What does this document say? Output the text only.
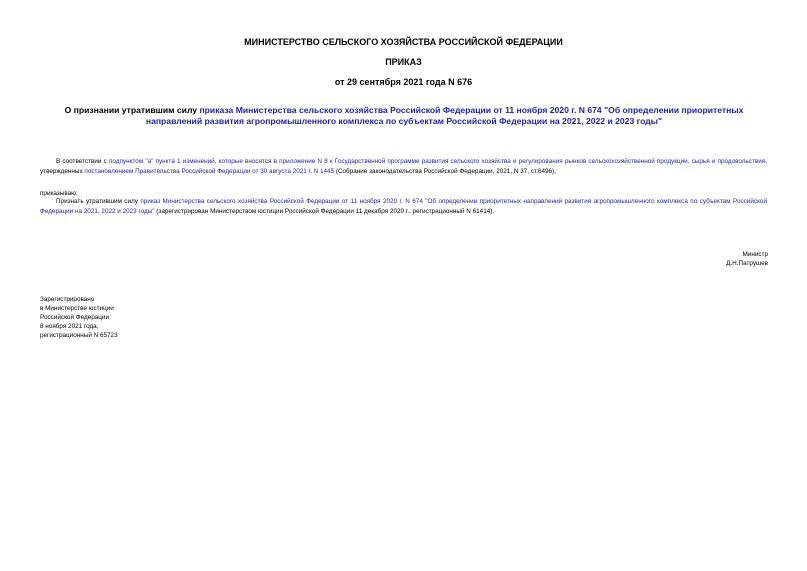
МИНИСТЕРСТВО СЕЛЬСКОГО ХОЗЯЙСТВА РОССИЙСКОЙ ФЕДЕРАЦИИ

ПРИКАЗ

от 29 сентября 2021 года N 676

О признании утратившим силу приказа Министерства сельского хозяйства Российской Федерации от 11 ноября 2020 г. N 674 "Об определении приоритетных направлений развития агропромышленного комплекса по субъектам Российской Федерации на 2021, 2022 и 2023 годы"

В соответствии с подпунктом "а" пункта 1 изменений, которые вносятся в приложение N 8 к Государственной программе развития сельского хозяйства и регулирования рынков сельскохозяйственной продукции, сырья и продовольствия, утвержденных постановлением Правительства Российской Федерации от 30 августа 2021 г. N 1445 (Собрание законодательства Российской Федерации, 2021, N 37, ст.6496),

приказываю:

Признать утратившим силу приказ Министерства сельского хозяйства Российской Федерации от 11 ноября 2020 г. N 674 "Об определении приоритетных направлений развития агропромышленного комплекса по субъектам Российской Федерации на 2021, 2022 и 2023 годы" (зарегистрирован Министерством юстиции Российской Федерации 11 декабря 2020 г., регистрационный N 61414).

Министр

Д.Н.Патрушев

Зарегистрировано

в Министерстве юстиции

Российской Федерации

8 ноября 2021 года,

регистрационный N 65723
